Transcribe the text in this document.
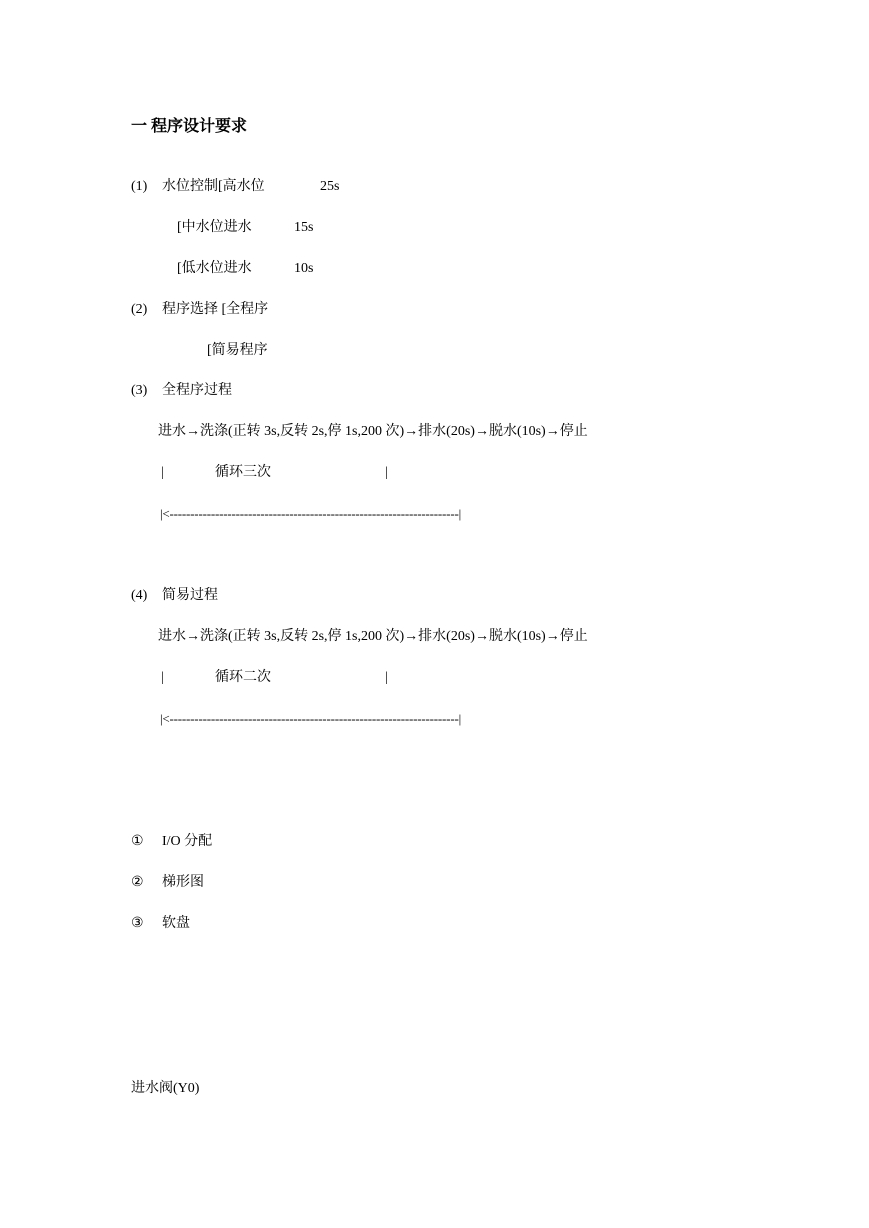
一 程序设计要求
(1) 水位控制[高水位	25s
[中水位进水	15s
[低水位进水	10s
(2) 程序选择 [全程序
[简易程序
(3) 全程序过程
进水→洗涤(正转 3s,反转 2s,停 1s,200 次)→排水(20s)→脱水(10s)→停止
|	循环三次	|
|<----------------------------------------------------------------------|
(4) 简易过程
进水→洗涤(正转 3s,反转 2s,停 1s,200 次)→排水(20s)→脱水(10s)→停止
|	循环二次	|
|<----------------------------------------------------------------------|
① I/O 分配
② 梯形图
③ 软盘
进水阀(Y0)
